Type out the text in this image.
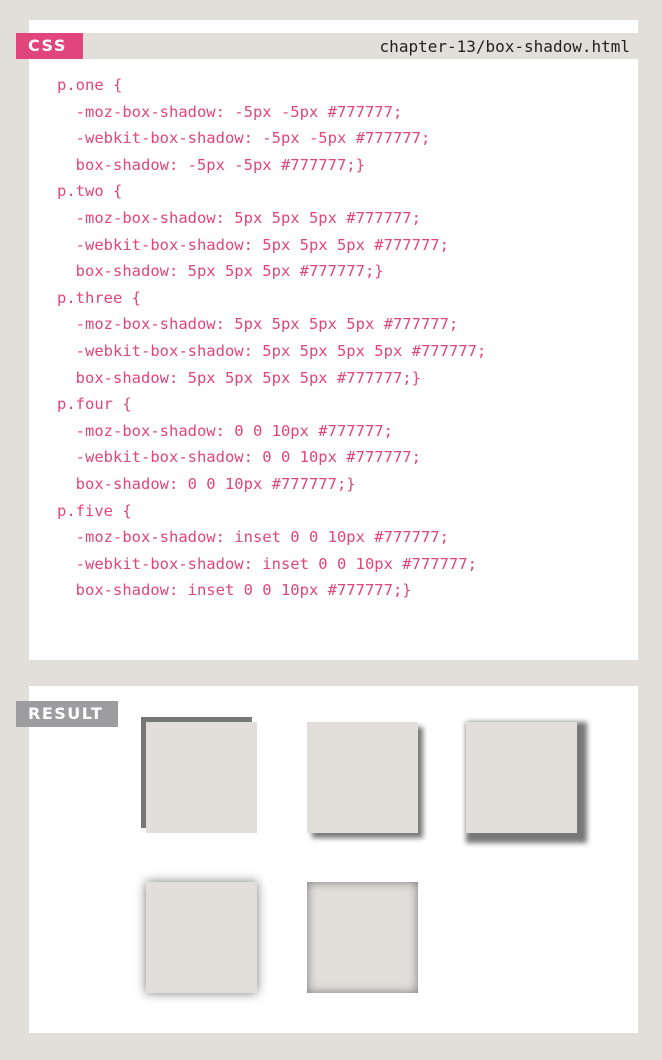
chapter-13/box-shadow.html
CSS
p.one {
-moz-box-shadow: -5px -5px #777777;
-webkit-box-shadow: -5px -5px #777777;
box-shadow: -5px -5px #777777;}
p.two {
-moz-box-shadow: 5px 5px 5px #777777;
-webkit-box-shadow: 5px 5px 5px #777777;
box-shadow: 5px 5px 5px #777777;}
p.three {
-moz-box-shadow: 5px 5px 5px 5px #777777;
-webkit-box-shadow: 5px 5px 5px 5px #777777;
box-shadow: 5px 5px 5px 5px #777777;}
p.four {
-moz-box-shadow: 0 0 10px #777777;
-webkit-box-shadow: 0 0 10px #777777;
box-shadow: 0 0 10px #777777;}
p.five {
-moz-box-shadow: inset 0 0 10px #777777;
-webkit-box-shadow: inset 0 0 10px #777777;
box-shadow: inset 0 0 10px #777777;}
RESULT
